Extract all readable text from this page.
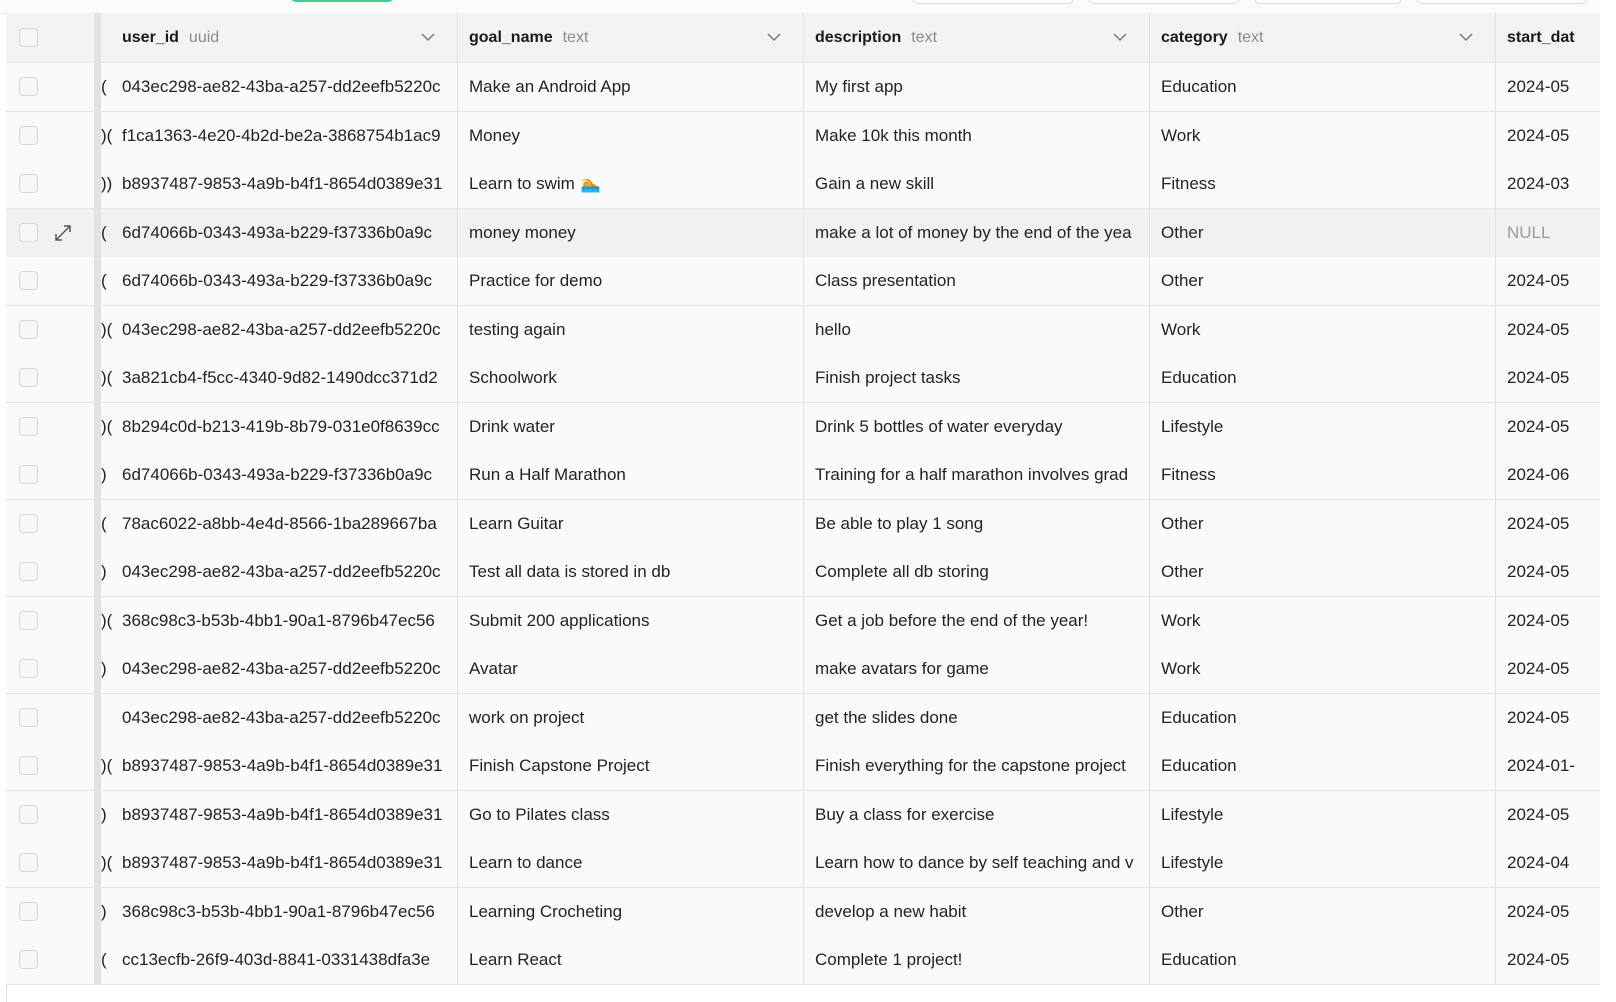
user_id uuid	goal_name text	description text	category text	start_dat
( 043ec298-ae82-43ba-a257-dd2eefb5220c	Make an Android App	My first app	Education	2024-05
)( f1ca1363-4e20-4b2d-be2a-3868754b1ac9	Money	Make 10k this month	Work	2024-05
)) b8937487-9853-4a9b-b4f1-8654d0389e31	Learn to swim 🏊	Gain a new skill	Fitness	2024-03
( 6d74066b-0343-493a-b229-f37336b0a9c	money money	make a lot of money by the end of the yea	Other	NULL
( 6d74066b-0343-493a-b229-f37336b0a9c	Practice for demo	Class presentation	Other	2024-05
)( 043ec298-ae82-43ba-a257-dd2eefb5220c	testing again	hello	Work	2024-05
)( 3a821cb4-f5cc-4340-9d82-1490dcc371d2	Schoolwork	Finish project tasks	Education	2024-05
)( 8b294c0d-b213-419b-8b79-031e0f8639cc	Drink water	Drink 5 bottles of water everyday	Lifestyle	2024-05
) 6d74066b-0343-493a-b229-f37336b0a9c	Run a Half Marathon	Training for a half marathon involves grad	Fitness	2024-06
( 78ac6022-a8bb-4e4d-8566-1ba289667ba	Learn Guitar	Be able to play 1 song	Other	2024-05
) 043ec298-ae82-43ba-a257-dd2eefb5220c	Test all data is stored in db	Complete all db storing	Other	2024-05
)( 368c98c3-b53b-4bb1-90a1-8796b47ec56	Submit 200 applications	Get a job before the end of the year!	Work	2024-05
) 043ec298-ae82-43ba-a257-dd2eefb5220c	Avatar	make avatars for game	Work	2024-05
043ec298-ae82-43ba-a257-dd2eefb5220c	work on project	get the slides done	Education	2024-05
)( b8937487-9853-4a9b-b4f1-8654d0389e31	Finish Capstone Project	Finish everything for the capstone project	Education	2024-01-
) b8937487-9853-4a9b-b4f1-8654d0389e31	Go to Pilates class	Buy a class for exercise	Lifestyle	2024-05
)( b8937487-9853-4a9b-b4f1-8654d0389e31	Learn to dance	Learn how to dance by self teaching and v	Lifestyle	2024-04
) 368c98c3-b53b-4bb1-90a1-8796b47ec56	Learning Crocheting	develop a new habit	Other	2024-05
( cc13ecfb-26f9-403d-8841-0331438dfa3e	Learn React	Complete 1 project!	Education	2024-05
